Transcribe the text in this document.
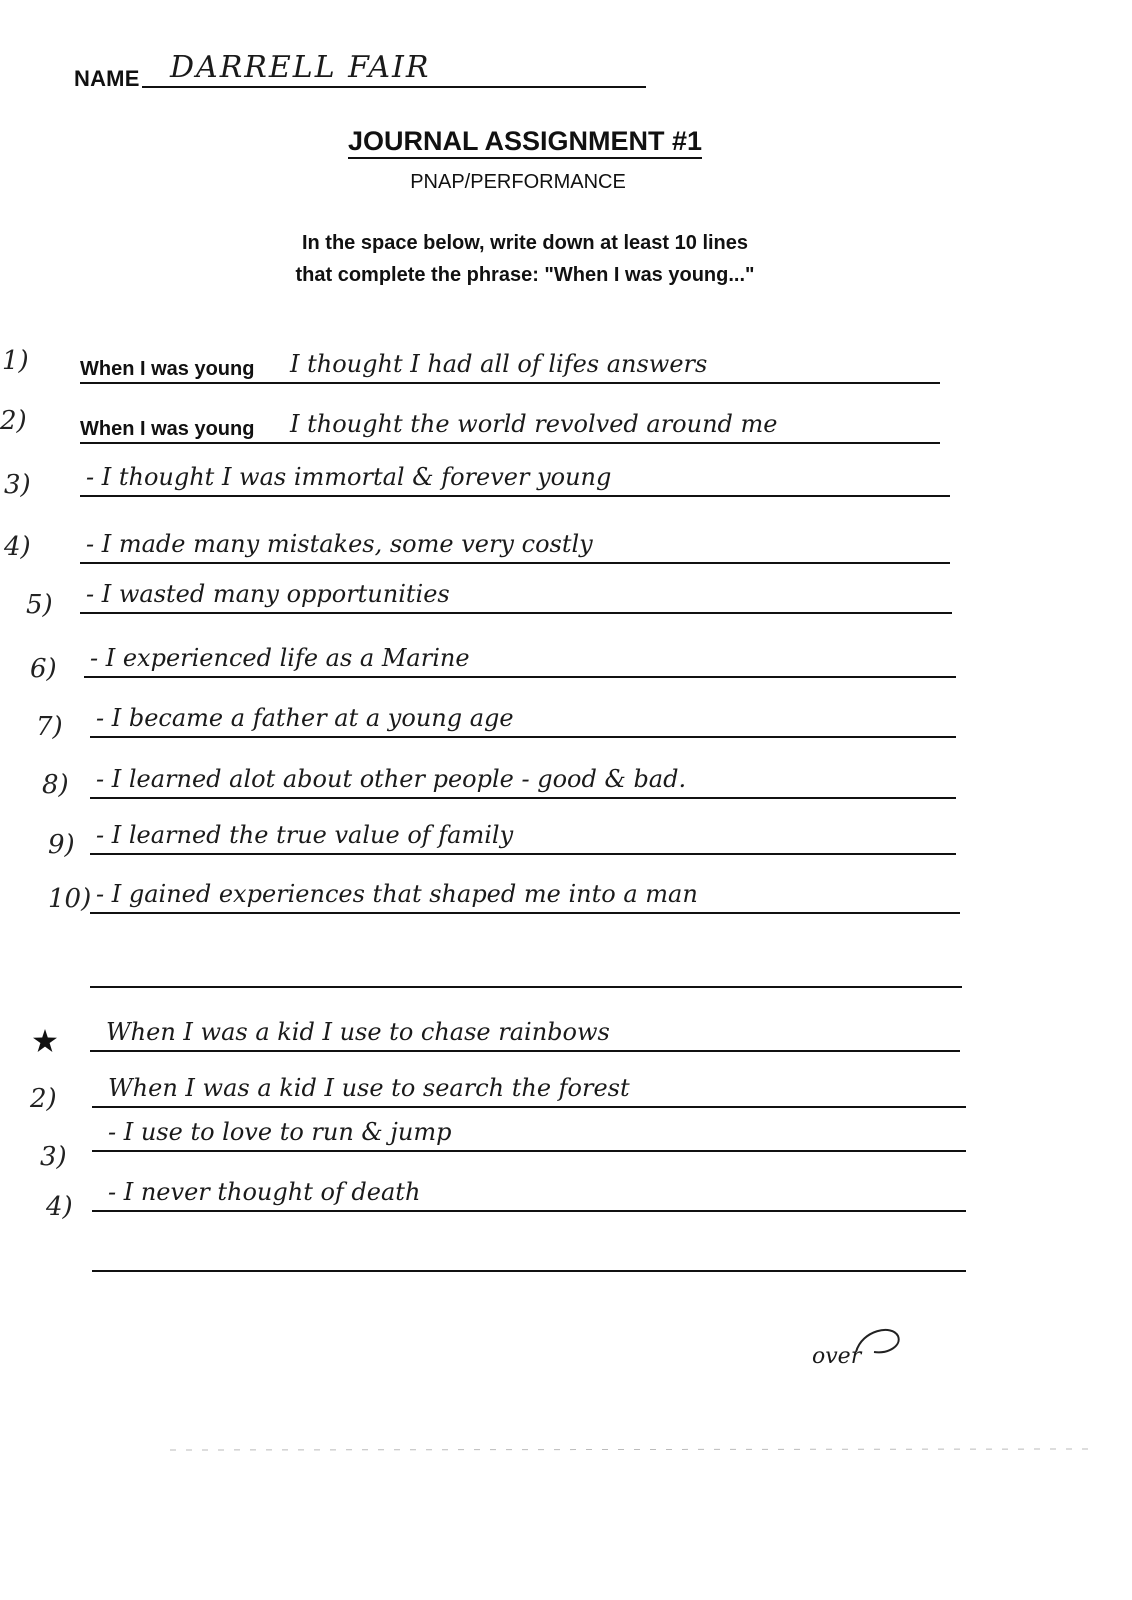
NAME DARRELL FAIR
JOURNAL ASSIGNMENT #1
PNAP/PERFORMANCE
In the space below, write down at least 10 lines
that complete the phrase: "When I was young..."
1)	When I was young I thought I had all of lifes answers
2)	When I was young I thought the world revolved around me
3) - I thought I was immortal & forever young
4) - I made many mistakes, some very costly
5) - I wasted many opportunities
6) - I experienced life as a Marine
7) - I became a father at a young age
8) - I learned alot about other people - good & bad.
9) - I learned the true value of family
10) - I gained experiences that shaped me into a man
When I was a kid I use to chase rainbows
2) When I was a kid I use to search the forest
3)
- I use to love to run & jump
4) - I never thought of death
over
